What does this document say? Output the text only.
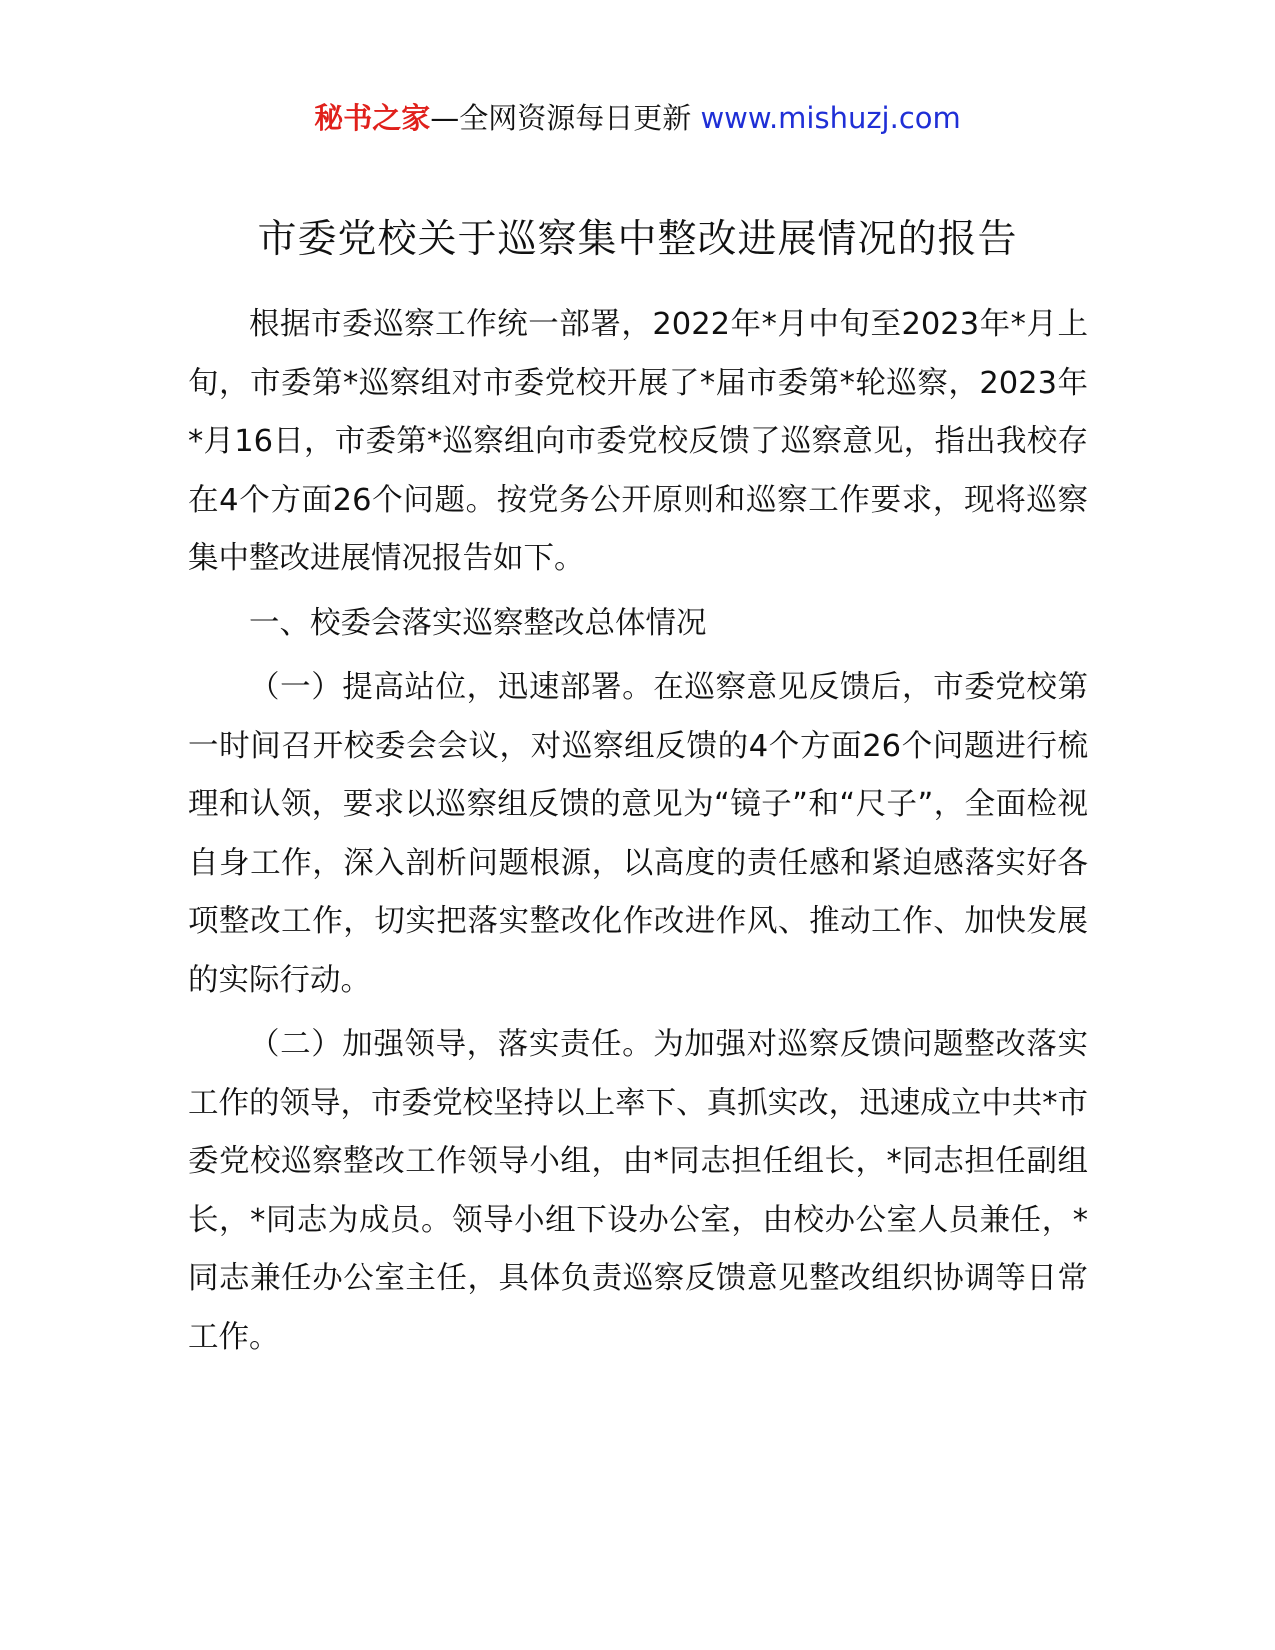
秘书之家—全网资源每日更新 www.mishuzj.com
市委党校关于巡察集中整改进展情况的报告

根据市委巡察工作统一部署，2022年*月中旬至2023年*月上旬，市委第*巡察组对市委党校开展了*届市委第*轮巡察，2023年*月16日，市委第*巡察组向市委党校反馈了巡察意见，指出我校存在4个方面26个问题。按党务公开原则和巡察工作要求，现将巡察集中整改进展情况报告如下。

一、校委会落实巡察整改总体情况

（一）提高站位，迅速部署。在巡察意见反馈后，市委党校第一时间召开校委会会议，对巡察组反馈的4个方面26个问题进行梳理和认领，要求以巡察组反馈的意见为“镜子”和“尺子”，全面检视自身工作，深入剖析问题根源，以高度的责任感和紧迫感落实好各项整改工作，切实把落实整改化作改进作风、推动工作、加快发展的实际行动。

（二）加强领导，落实责任。为加强对巡察反馈问题整改落实工作的领导，市委党校坚持以上率下、真抓实改，迅速成立中共*市委党校巡察整改工作领导小组，由*同志担任组长，*同志担任副组长，*同志为成员。领导小组下设办公室，由校办公室人员兼任，*同志兼任办公室主任，具体负责巡察反馈意见整改组织协调等日常工作。
